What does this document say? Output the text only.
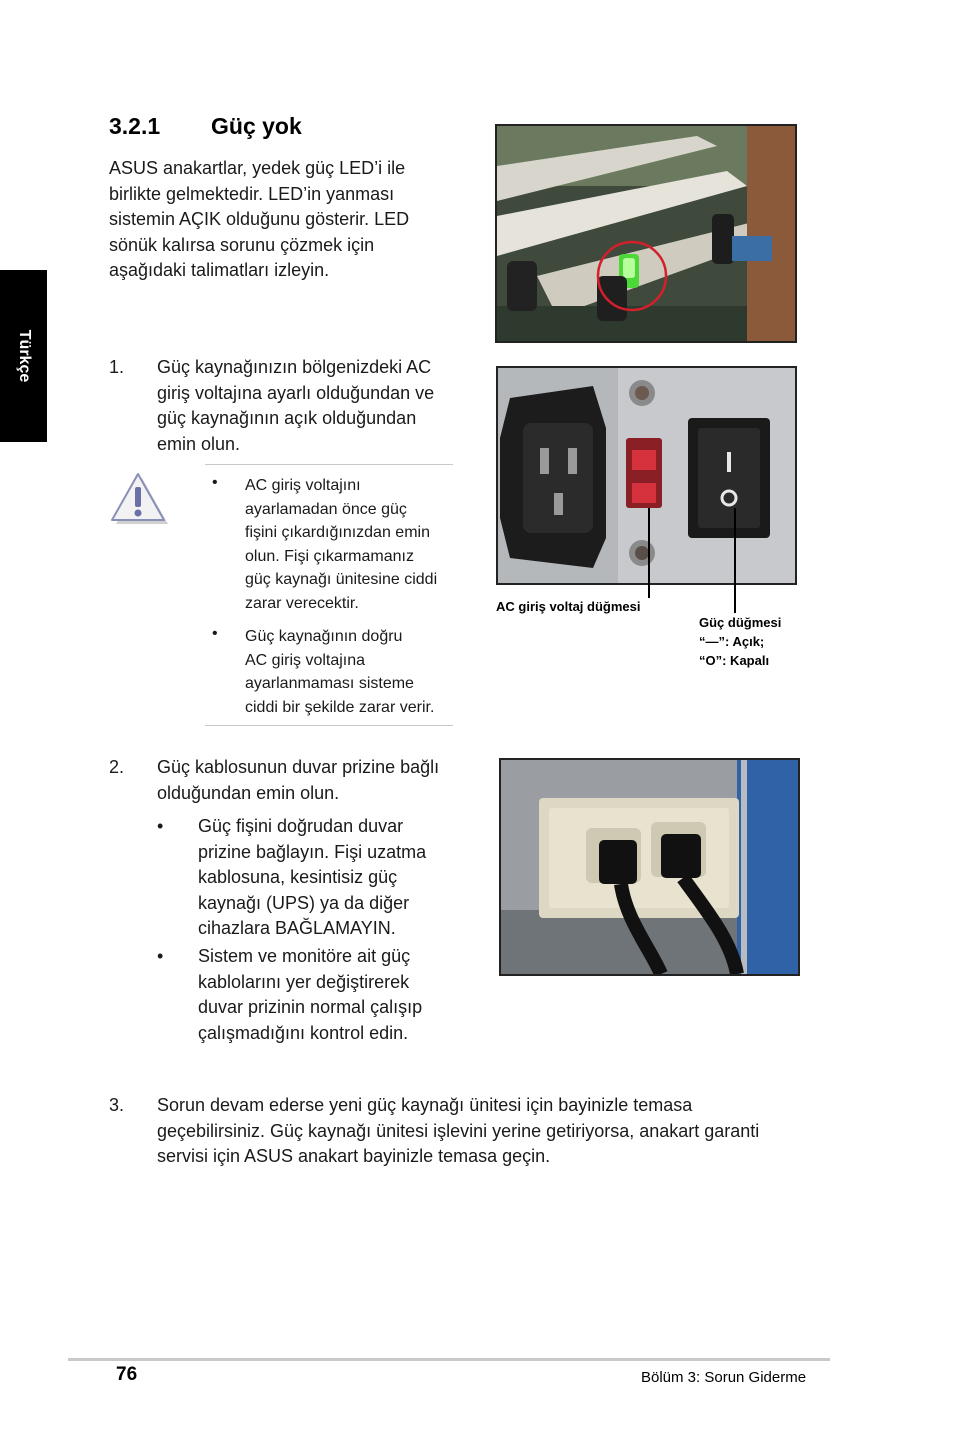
Türkçe
3.2.1 Güç yok

ASUS anakartlar, yedek güç LED’i ile

birlikte gelmektedir. LED’in yanması

sistemin AÇIK olduğunu gösterir. LED

sönük kalırsa sorunu çözmek için

aşağıdaki talimatları izleyin.

1. Güç kaynağınızın bölgenizdeki AC

giriş voltajına ayarlı olduğundan ve

güç kaynağının açık olduğundan

emin olun.

• AC giriş voltajını

ayarlamadan önce güç

fişini çıkardığınızdan emin

olun. Fişi çıkarmamanız

güç kaynağı ünitesine ciddi

zarar verecektir.

• Güç kaynağının doğru

AC giriş voltajına

ayarlanmaması sisteme

ciddi bir şekilde zarar verir.

AC giriş voltaj düğmesi

Güç düğmesi

“—”: Açık;

“O”: Kapalı

2. Güç kablosunun duvar prizine bağlı

olduğundan emin olun.

• Güç fişini doğrudan duvar

prizine bağlayın. Fişi uzatma

kablosuna, kesintisiz güç

kaynağı (UPS) ya da diğer

cihazlara BAĞLAMAYIN.

• Sistem ve monitöre ait güç

kablolarını yer değiştirerek

duvar prizinin normal çalışıp

çalışmadığını kontrol edin.

3. Sorun devam ederse yeni güç kaynağı ünitesi için bayinizle temasa

geçebilirsiniz. Güç kaynağı ünitesi işlevini yerine getiriyorsa, anakart garanti

servisi için ASUS anakart bayinizle temasa geçin.

76	Bölüm 3: Sorun Giderme
